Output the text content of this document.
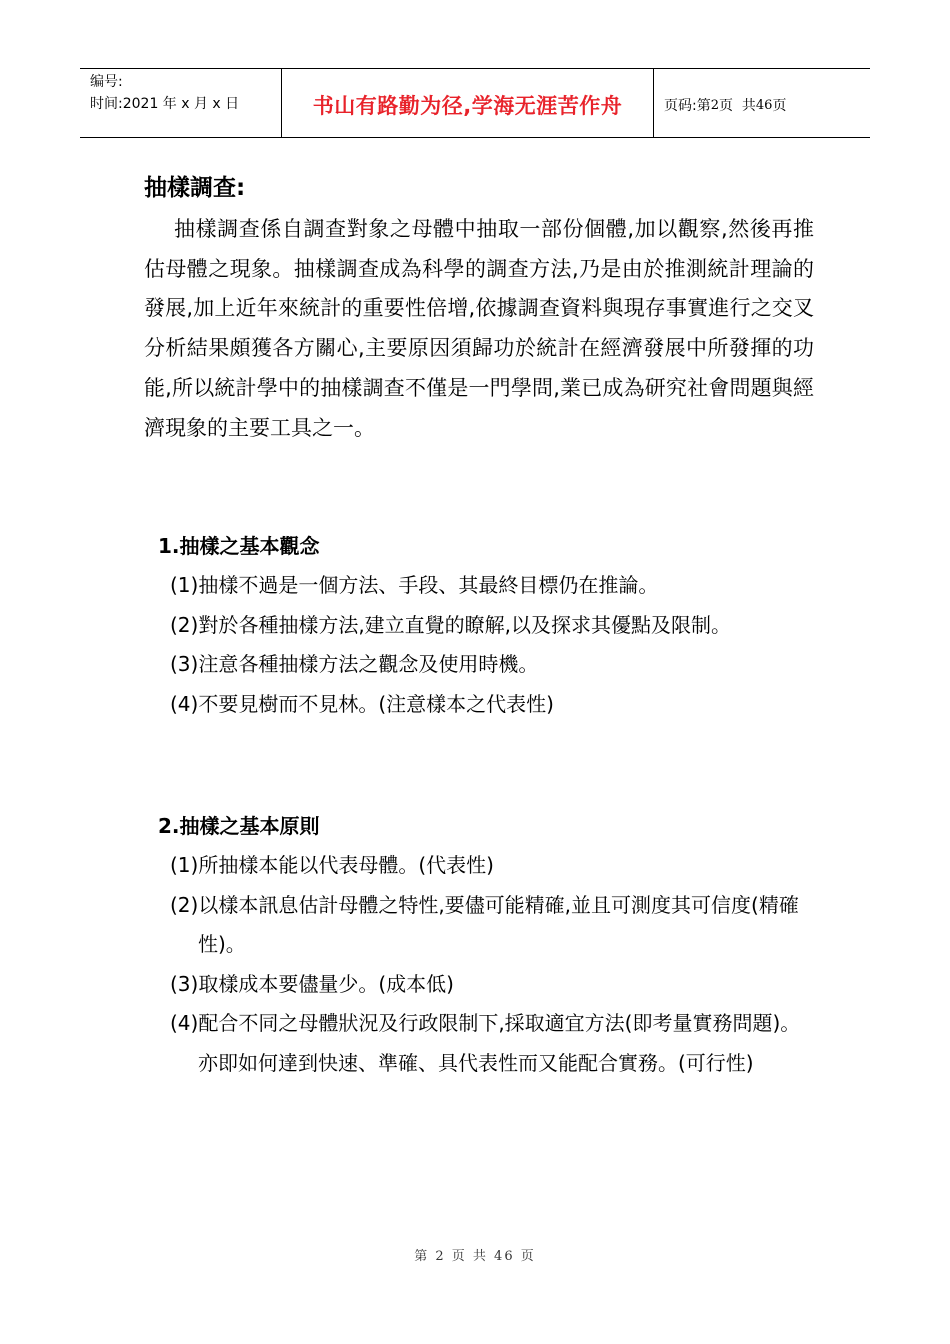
编号:
时间:2021 年 x 月 x 日	书山有路勤为径,学海无涯苦作舟	页码:第 2 页  共 46 页
抽樣調查:

抽樣調查係自調查對象之母體中抽取一部份個體,加以觀察,然後再推估母體之現象。抽樣調查成為科學的調查方法,乃是由於推測統計理論的發展,加上近年來統計的重要性倍增,依據調查資料與現存事實進行之交叉分析結果頗獲各方關心,主要原因須歸功於統計在經濟發展中所發揮的功能,所以統計學中的抽樣調查不僅是一門學問,業已成為研究社會問題與經濟現象的主要工具之一。

1.抽樣之基本觀念

(1)抽樣不過是一個方法、手段、其最終目標仍在推論。

(2)對於各種抽樣方法,建立直覺的瞭解,以及探求其優點及限制。

(3)注意各種抽樣方法之觀念及使用時機。

(4)不要見樹而不見林。(注意樣本之代表性)

2.抽樣之基本原則

(1)所抽樣本能以代表母體。(代表性)

(2)以樣本訊息估計母體之特性,要儘可能精確,並且可測度其可信度(精確性)。

(3)取樣成本要儘量少。(成本低)

(4)配合不同之母體狀況及行政限制下,採取適宜方法(即考量實務問題)。亦即如何達到快速、準確、具代表性而又能配合實務。(可行性)

第 2 页 共 46 页
